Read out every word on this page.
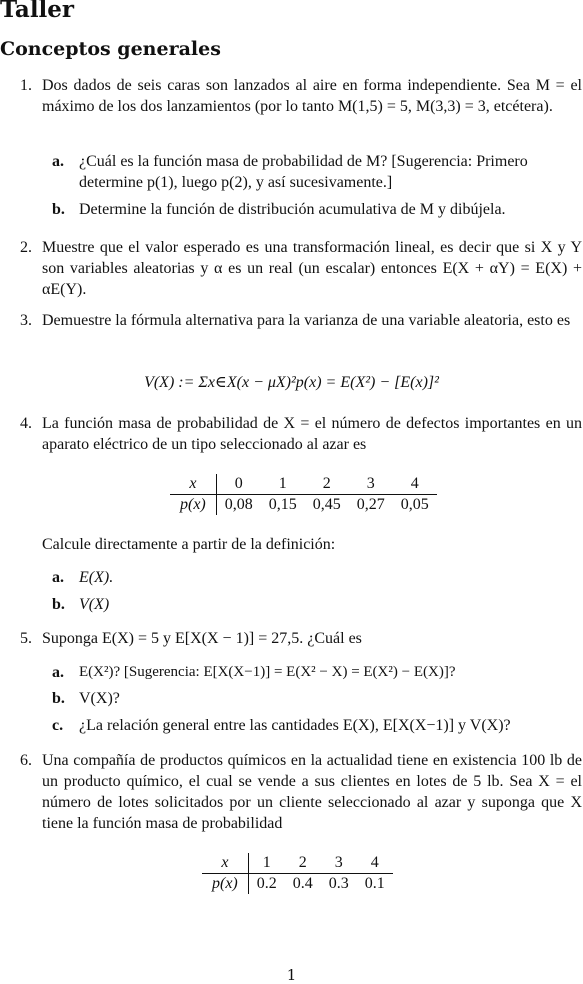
Taller
Conceptos generales
1. Dos dados de seis caras son lanzados al aire en forma independiente. Sea M = el máximo de los dos lanzamientos (por lo tanto M(1,5) = 5, M(3,3) = 3, etcétera).
a. ¿Cuál es la función masa de probabilidad de M? [Sugerencia: Primero determine p(1), luego p(2), y así sucesivamente.]
b. Determine la función de distribución acumulativa de M y dibújela.
2. Muestre que el valor esperado es una transformación lineal, es decir que si X y Y son variables aleatorias y α es un real (un escalar) entonces E(X + αY) = E(X) + αE(Y).
3. Demuestre la fórmula alternativa para la varianza de una variable aleatoria, esto es
V(X) := Σx∈X(x − μX)²p(x) = E(X²) − [E(x)]²
4. La función masa de probabilidad de X = el número de defectos importantes en un aparato eléctrico de un tipo seleccionado al azar es
x	0	1	2	3	4
p(x)	0,08	0,15	0,45	0,27	0,05
Calcule directamente a partir de la definición:
a. E(X).
b. V(X)
5. Suponga E(X) = 5 y E[X(X − 1)] = 27,5. ¿Cuál es
a. E(X²)? [Sugerencia: E[X(X−1)] = E(X² − X) = E(X²) − E(X)]?
b. V(X)?
c. ¿La relación general entre las cantidades E(X), E[X(X−1)] y V(X)?
6. Una compañía de productos químicos en la actualidad tiene en existencia 100 lb de un producto químico, el cual se vende a sus clientes en lotes de 5 lb. Sea X = el número de lotes solicitados por un cliente seleccionado al azar y suponga que X tiene la función masa de probabilidad
x	1	2	3	4
p(x)	0.2	0.4	0.3	0.1
1
